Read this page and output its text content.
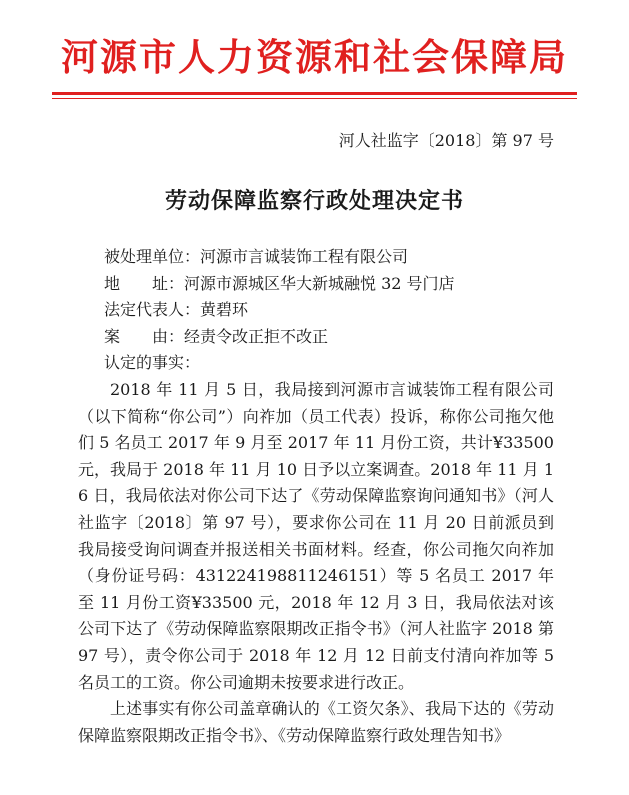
河源市人力资源和社会保障局
河人社监字〔2018〕第 97 号
劳动保障监察行政处理决定书
被处理单位：河源市言诚装饰工程有限公司
地　　址：河源市源城区华大新城融悦 32 号门店
法定代表人：黄碧环
案　　由：经责令改正拒不改正
认定的事实：

2018 年 11 月 5 日，我局接到河源市言诚装饰工程有限公司（以下简称“你公司”）向祚加（员工代表）投诉，称你公司拖欠他们 5 名员工 2017 年 9 月至 2017 年 11 月份工资，共计¥33500 元，我局于 2018 年 11 月 10 日予以立案调查。2018 年 11 月 16 日，我局依法对你公司下达了《劳动保障监察询问通知书》（河人社监字〔2018〕第 97 号），要求你公司在 11 月 20 日前派员到我局接受询问调查并报送相关书面材料。经查，你公司拖欠向祚加（身份证号码：431224198811246151）等 5 名员工 2017 年至 11 月份工资¥33500 元，2018 年 12 月 3 日，我局依法对该公司下达了《劳动保障监察限期改正指令书》（河人社监字 2018 第 97 号），责令你公司于 2018 年 12 月 12 日前支付清向祚加等 5 名员工的工资。你公司逾期未按要求进行改正。

上述事实有你公司盖章确认的《工资欠条》、我局下达的《劳动保障监察限期改正指令书》、《劳动保障监察行政处理告知书》
